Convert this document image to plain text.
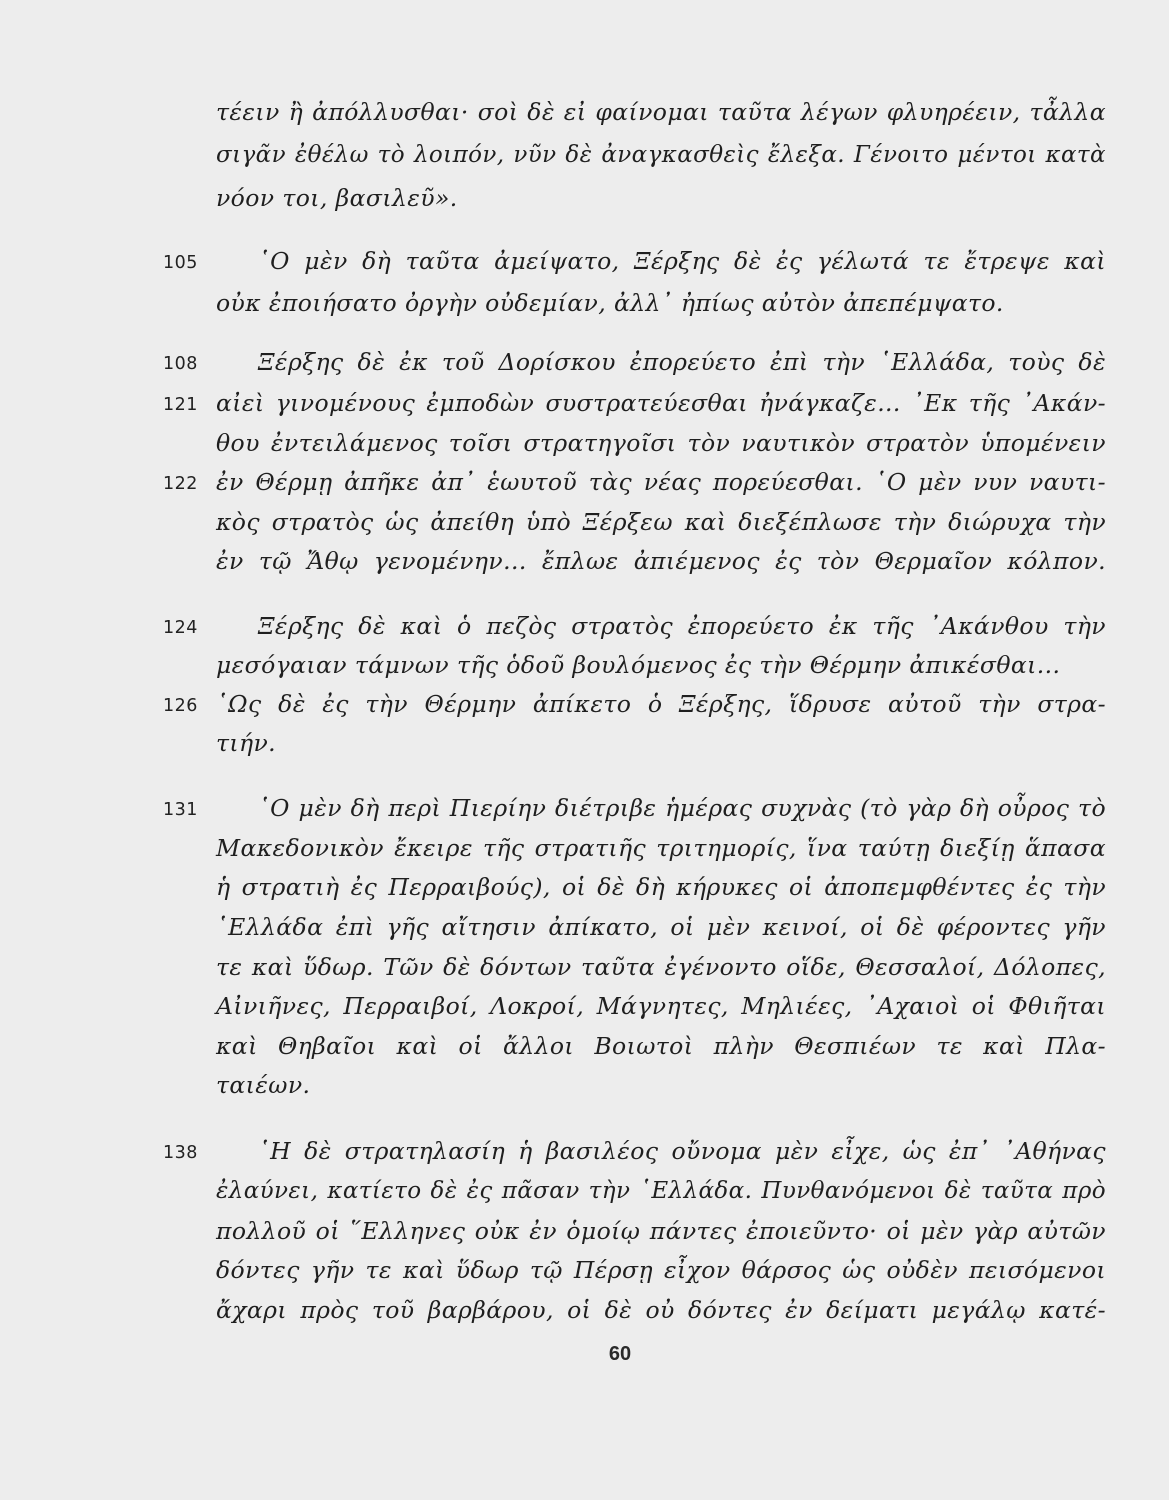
τέειν ἢ ἀπόλλυσθαι· σοὶ δὲ εἰ φαίνομαι ταῦτα λέγων φλυηρέειν, τἆλλα
σιγᾶν ἐθέλω τὸ λοιπόν, νῦν δὲ ἀναγκασθεὶς ἔλεξα. Γένοιτο μέντοι κατὰ
νόον τοι, βασιλεῦ».
105	῾Ο μὲν δὴ ταῦτα ἀμείψατο, Ξέρξης δὲ ἐς γέλωτά τε ἔτρεψε καὶ
οὐκ ἐποιήσατο ὀργὴν οὐδεμίαν, ἀλλ᾿ ἠπίως αὐτὸν ἀπεπέμψατο.
108	Ξέρξης δὲ ἐκ τοῦ Δορίσκου ἐπορεύετο ἐπὶ τὴν ῾Ελλάδα, τοὺς δὲ
121 αἰεὶ γινομένους ἐμποδὼν συστρατεύεσθαι ἠνάγκαζε... ᾿Εκ τῆς ᾿Ακάν-
θου ἐντειλάμενος τοῖσι στρατηγοῖσι τὸν ναυτικὸν στρατὸν ὑπομένειν
122 ἐν Θέρμῃ ἀπῆκε ἀπ᾿ ἑωυτοῦ τὰς νέας πορεύεσθαι. ῾Ο μὲν νυν ναυτι-
κὸς στρατὸς ὡς ἀπείθη ὑπὸ Ξέρξεω καὶ διεξέπλωσε τὴν διώρυχα τὴν
ἐν τῷ Ἄθῳ γενομένην... ἔπλωε ἀπιέμενος ἐς τὸν Θερμαῖον κόλπον.
124	Ξέρξης δὲ καὶ ὁ πεζὸς στρατὸς ἐπορεύετο ἐκ τῆς ᾿Ακάνθου τὴν
μεσόγαιαν τάμνων τῆς ὁδοῦ βουλόμενος ἐς τὴν Θέρμην ἀπικέσθαι...
126 ῾Ως δὲ ἐς τὴν Θέρμην ἀπίκετο ὁ Ξέρξης, ἵδρυσε αὐτοῦ τὴν στρα-
τιήν.
131	῾Ο μὲν δὴ περὶ Πιερίην διέτριβε ἡμέρας συχνὰς (τὸ γὰρ δὴ οὖρος τὸ
Μακεδονικὸν ἔκειρε τῆς στρατιῆς τριτημορίς, ἵνα ταύτῃ διεξίῃ ἅπασα
ἡ στρατιὴ ἐς Περραιβούς), οἱ δὲ δὴ κήρυκες οἱ ἀποπεμφθέντες ἐς τὴν
῾Ελλάδα ἐπὶ γῆς αἴτησιν ἀπίκατο, οἱ μὲν κεινοί, οἱ δὲ φέροντες γῆν
τε καὶ ὕδωρ. Τῶν δὲ δόντων ταῦτα ἐγένοντο οἵδε, Θεσσαλοί, Δόλοπες,
Αἰνιῆνες, Περραιβοί, Λοκροί, Μάγνητες, Μηλιέες, ᾿Αχαιοὶ οἱ Φθιῆται
καὶ Θηβαῖοι καὶ οἱ ἄλλοι Βοιωτοὶ πλὴν Θεσπιέων τε καὶ Πλα-
ταιέων.
138	῾Η δὲ στρατηλασίη ἡ βασιλέος οὔνομα μὲν εἶχε, ὡς ἐπ᾿ ᾿Αθήνας
ἐλαύνει, κατίετο δὲ ἐς πᾶσαν τὴν ῾Ελλάδα. Πυνθανόμενοι δὲ ταῦτα πρὸ
πολλοῦ οἱ ῞Ελληνες οὐκ ἐν ὁμοίῳ πάντες ἐποιεῦντο· οἱ μὲν γὰρ αὐτῶν
δόντες γῆν τε καὶ ὕδωρ τῷ Πέρσῃ εἶχον θάρσος ὡς οὐδὲν πεισόμενοι
ἄχαρι πρὸς τοῦ βαρβάρου, οἱ δὲ οὐ δόντες ἐν δείματι μεγάλῳ κατέ-
60
